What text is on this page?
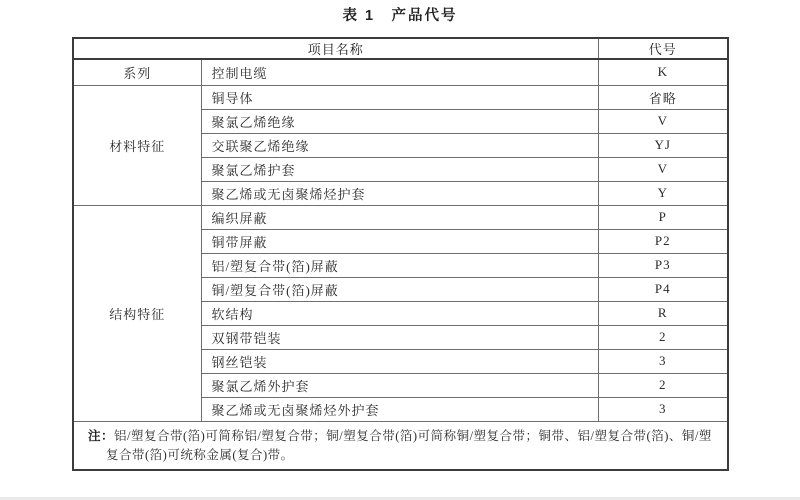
表 1　产品代号
项目名称		代号
系列	控制电缆	K
材料特征	铜导体	省略
	聚氯乙烯绝缘	V
	交联聚乙烯绝缘	YJ
	聚氯乙烯护套	V
	聚乙烯或无卤聚烯烃护套	Y
结构特征	编织屏蔽	P
	铜带屏蔽	P2
	铝/塑复合带(箔)屏蔽	P3
	铜/塑复合带(箔)屏蔽	P4
	软结构	R
	双钢带铠装	2
	钢丝铠装	3
	聚氯乙烯外护套	2
	聚乙烯或无卤聚烯烃外护套	3

注：铝/塑复合带(箔)可简称铝/塑复合带；铜/塑复合带(箔)可简称铜/塑复合带；铜带、铝/塑复合带(箔)、铜/塑
复合带(箔)可统称金属(复合)带。		
